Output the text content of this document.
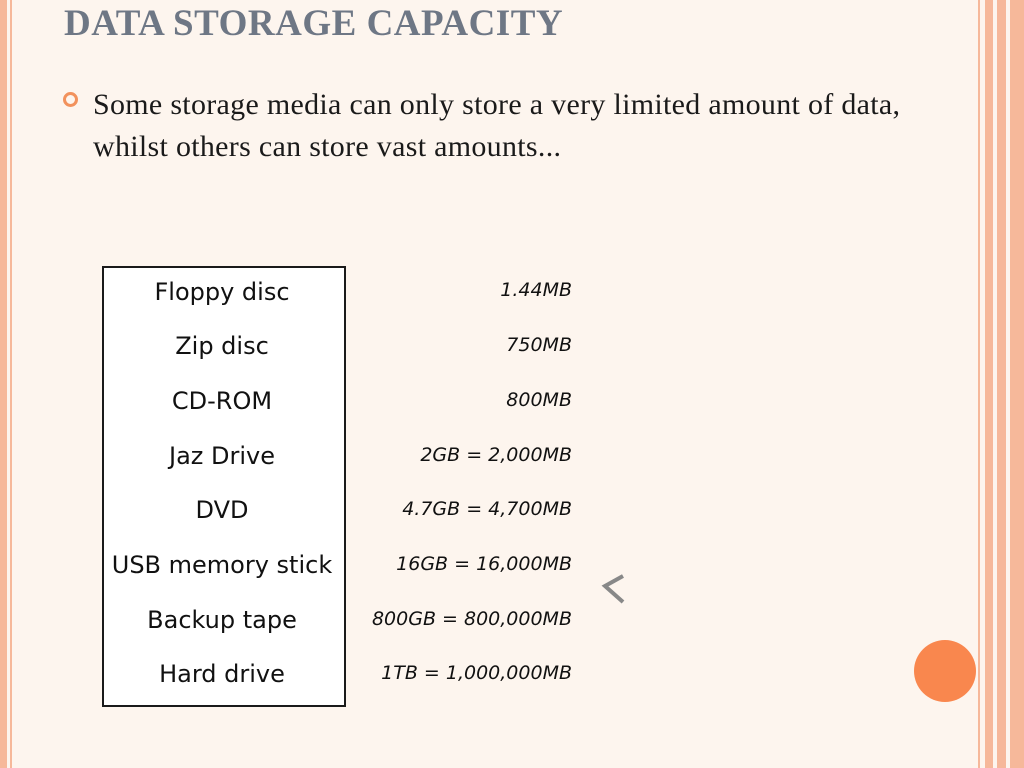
DATA STORAGE CAPACITY

Some storage media can only store a very limited amount of data, whilst others can store vast amounts...

Floppy disc
Zip disc
CD-ROM
Jaz Drive
DVD
USB memory stick
Backup tape
Hard drive
1.44MB
750MB
800MB
2GB = 2,000MB
4.7GB = 4,700MB
16GB = 16,000MB
800GB = 800,000MB
1TB = 1,000,000MB
